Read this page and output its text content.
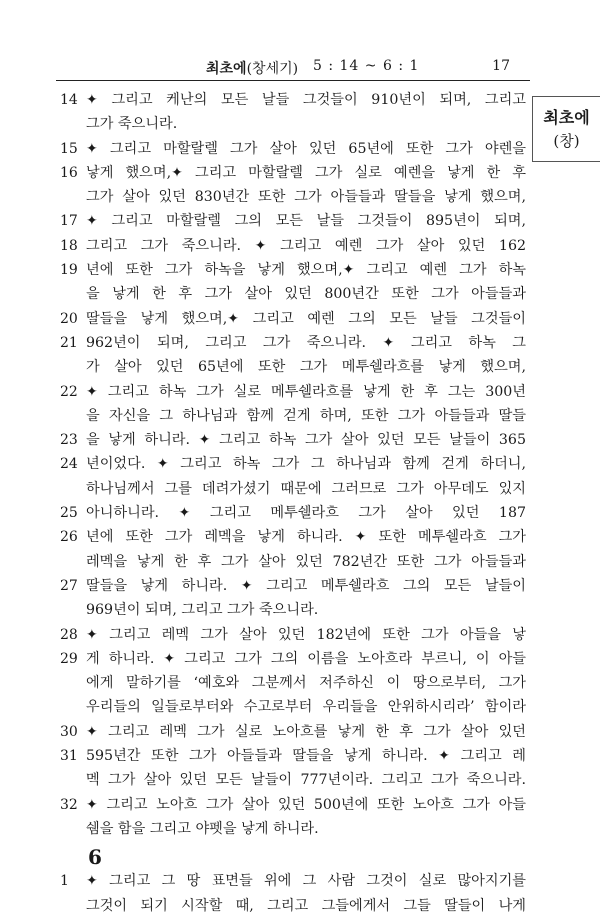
최초에(창세기) 5 : 14 ~ 6 : 1	17
최초에
(창)
14 ✦ 그리고 케난의 모든 날들 그것들이 910년이 되며, 그리고
그가 죽으니라.
15 ✦ 그리고 마할랄렐 그가 살아 있던 65년에 또한 그가 야렌을
16 낳게 했으며,✦ 그리고 마할랄렐 그가 실로 예렌을 낳게 한 후
그가 살아 있던 830년간 또한 그가 아들들과 딸들을 낳게 했으며,
17 ✦ 그리고 마할랄렐 그의 모든 날들 그것들이 895년이 되며,
18 그리고 그가 죽으니라. ✦ 그리고 예렌 그가 살아 있던 162
19 년에 또한 그가 하녹을 낳게 했으며,✦ 그리고 예렌 그가 하녹
을 낳게 한 후 그가 살아 있던 800년간 또한 그가 아들들과
20 딸들을 낳게 했으며,✦ 그리고 예렌 그의 모든 날들 그것들이
21 962년이 되며, 그리고 그가 죽으니라. ✦ 그리고 하녹 그
가 살아 있던 65년에 또한 그가 메투쉘라흐를 낳게 했으며,
22 ✦ 그리고 하녹 그가 실로 메투쉘라흐를 낳게 한 후 그는 300년
을 자신을 그 하나님과 함께 걷게 하며, 또한 그가 아들들과 딸들
23 을 낳게 하니라. ✦ 그리고 하녹 그가 살아 있던 모든 날들이 365
24 년이었다. ✦ 그리고 하녹 그가 그 하나님과 함께 걷게 하더니,
하나님께서 그를 데려가셨기 때문에 그러므로 그가 아무데도 있지
25 아니하니라. ✦ 그리고 메투쉘라흐 그가 살아 있던 187
26 년에 또한 그가 레멕을 낳게 하니라. ✦ 또한 메투쉘라흐 그가
레멕을 낳게 한 후 그가 살아 있던 782년간 또한 그가 아들들과
27 딸들을 낳게 하니라. ✦ 그리고 메투쉘라흐 그의 모든 날들이
969년이 되며, 그리고 그가 죽으니라.
28 ✦ 그리고 레멕 그가 살아 있던 182년에 또한 그가 아들을 낳
29 게 하니라. ✦ 그리고 그가 그의 이름을 노아흐라 부르니, 이 아들
에게 말하기를 ‘예호와 그분께서 저주하신 이 땅으로부터, 그가
우리들의 일들로부터와 수고로부터 우리들을 안위하시리라’ 함이라
30 ✦ 그리고 레멕 그가 실로 노아흐를 낳게 한 후 그가 살아 있던
31 595년간 또한 그가 아들들과 딸들을 낳게 하니라. ✦ 그리고 레
멕 그가 살아 있던 모든 날들이 777년이라. 그리고 그가 죽으니라.
32 ✦ 그리고 노아흐 그가 살아 있던 500년에 또한 노아흐 그가 아들
쉠을 함을 그리고 야펫을 낳게 하니라.
6
1	✦ 그리고 그 땅 표면들 위에 그 사람 그것이 실로 많아지기를
그것이 되기 시작할 때, 그리고 그들에게서 그들 딸들이 나게
